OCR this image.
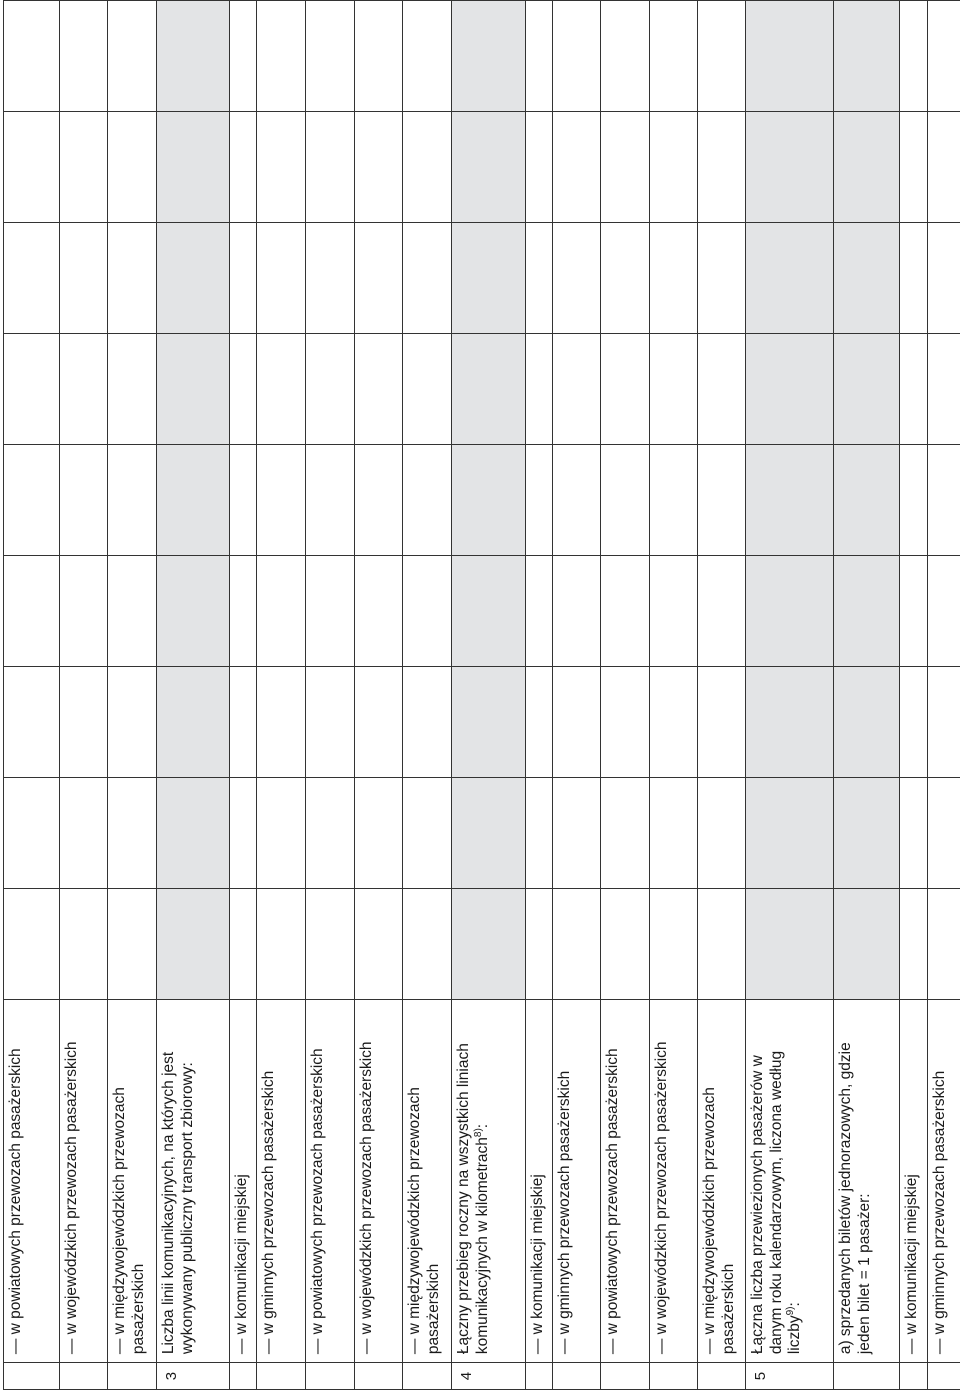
	— w powiatowych przewozach pasażerskich									
	— w wojewódzkich przewozach pasażerskich									
	— w międzywojewódzkich przewozach pasażerskich									
3	Liczba linii komunikacyjnych, na których jest wykonywany publiczny transport zbiorowy:									
	— w komunikacji miejskiej									
	— w gminnych przewozach pasażerskich									
	— w powiatowych przewozach pasażerskich									
	— w wojewódzkich przewozach pasażerskich									
	— w międzywojewódzkich przewozach pasażerskich									
4	Łączny przebieg roczny na wszystkich liniach komunikacyjnych w kilometrach$^{8)}$:									
	— w komunikacji miejskiej									
	— w gminnych przewozach pasażerskich									
	— w powiatowych przewozach pasażerskich									
	— w wojewódzkich przewozach pasażerskich									
	— w międzywojewódzkich przewozach pasażerskich									
5	Łączna liczba przewiezionych pasażerów w danym roku kalendarzowym, liczona według liczby$^{9)}$:									
	a) sprzedanych biletów jednorazowych, gdzie jeden bilet = 1 pasażer:									
	— w komunikacji miejskiej									
	— w gminnych przewozach pasażerskich									
